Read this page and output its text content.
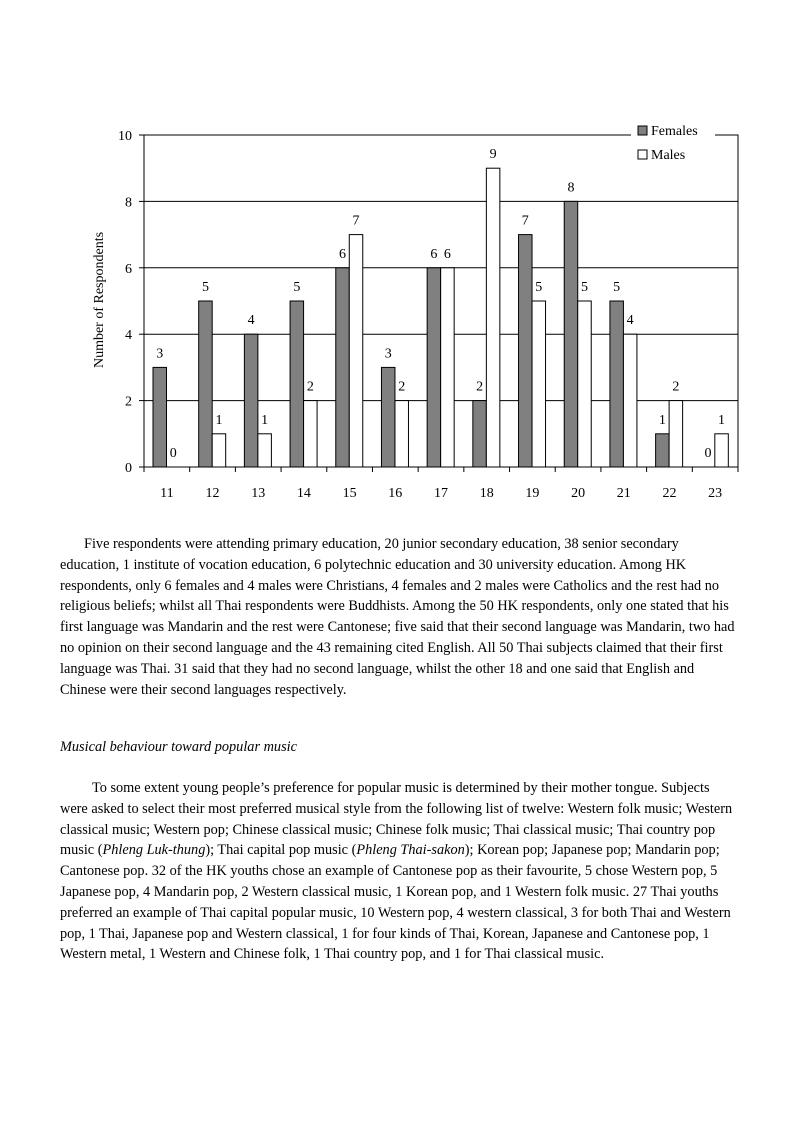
3
5
4
5
6
3
6
2
7
8
5
1
0
0
1	1
2
7
2
6
9
5	5
4
2
1
0
2
4
6
8
10
11 12 13 14 15 16 17 18 19 20 21 22 23
Number of Respondents
Females
Males

Five respondents were attending primary education, 20 junior secondary education, 38 senior secondary education, 1 institute of vocation education, 6 polytechnic education and 30 university education. Among HK respondents, only 6 females and 4 males were Christians, 4 females and 2 males were Catholics and the rest had no religious beliefs; whilst all Thai respondents were Buddhists. Among the 50 HK respondents, only one stated that his first language was Mandarin and the rest were Cantonese; five said that their second language was Mandarin, two had no opinion on their second language and the 43 remaining cited English. All 50 Thai subjects claimed that their first language was Thai. 31 said that they had no second language, whilst the other 18 and one said that English and Chinese were their second languages respectively.

Musical behaviour toward popular music

To some extent young people’s preference for popular music is determined by their mother tongue. Subjects were asked to select their most preferred musical style from the following list of twelve: Western folk music; Western classical music; Western pop; Chinese classical music; Chinese folk music; Thai classical music; Thai country pop music (Phleng Luk-thung); Thai capital pop music (Phleng Thai-sakon); Korean pop; Japanese pop; Mandarin pop; Cantonese pop. 32 of the HK youths chose an example of Cantonese pop as their favourite, 5 chose Western pop, 5 Japanese pop, 4 Mandarin pop, 2 Western classical music, 1 Korean pop, and 1 Western folk music. 27 Thai youths preferred an example of Thai capital popular music, 10 Western pop, 4 western classical, 3 for both Thai and Western pop, 1 Thai, Japanese pop and Western classical, 1 for four kinds of Thai, Korean, Japanese and Cantonese pop, 1 Western metal, 1 Western and Chinese folk, 1 Thai country pop, and 1 for Thai classical music.
